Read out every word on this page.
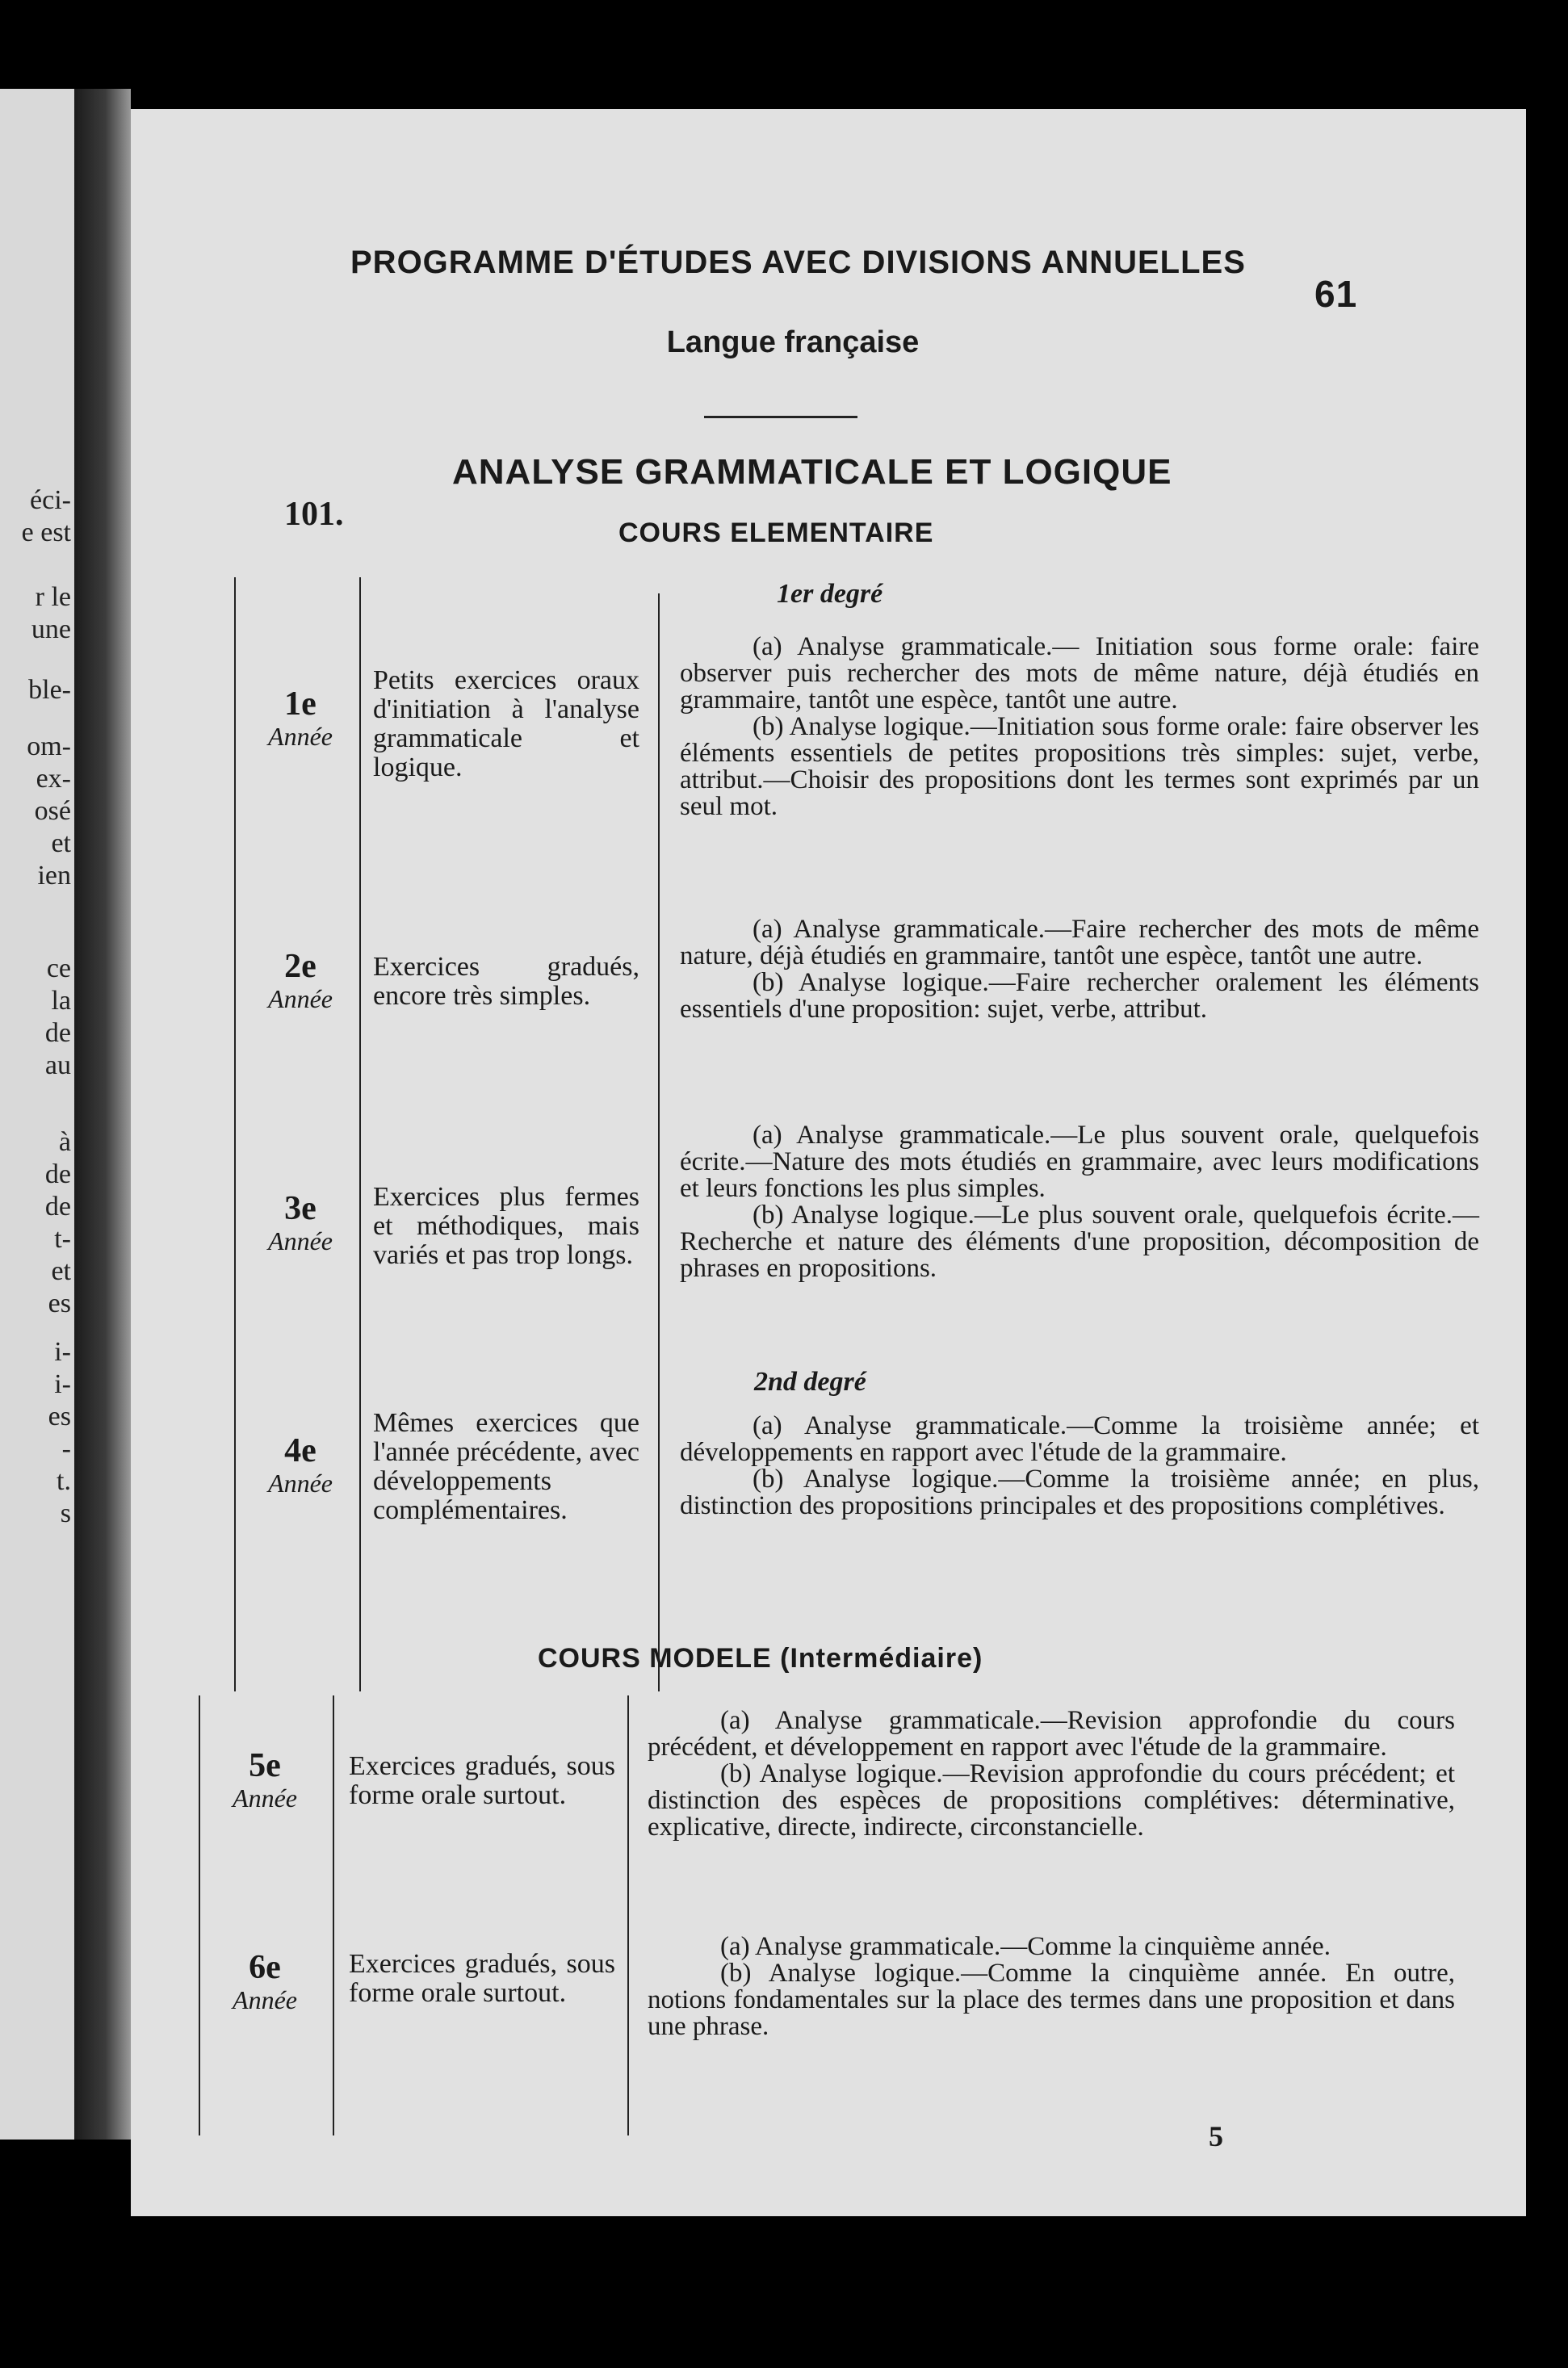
éci-
e est
r le
une
ble-
om-
ex-
osé
et
ien
ce
la
de
au
à
de
de
t-
et
es
i-
i-
es
-
t.
s
PROGRAMME D'ÉTUDES AVEC DIVISIONS ANNUELLES
61
Langue française
ANALYSE GRAMMATICALE ET LOGIQUE
101.	COURS ELEMENTAIRE
1er degré
1e
Année
Petits exercices oraux d'initiation à l'analyse grammaticale et logique.

(a) Analyse grammaticale.— Initiation sous forme orale: faire observer puis rechercher des mots de même nature, déjà étudiés en grammaire, tantôt une espèce, tantôt une autre.

(b) Analyse logique.—Initiation sous forme orale: faire observer les éléments essentiels de petites propositions très simples: sujet, verbe, attribut.—Choisir des propositions dont les termes sont exprimés par un seul mot.

2e
Année
Exercices gradués, encore très simples.

(a) Analyse grammaticale.—Faire rechercher des mots de même nature, déjà étudiés en grammaire, tantôt une espèce, tantôt une autre.

(b) Analyse logique.—Faire rechercher oralement les éléments essentiels d'une proposition: sujet, verbe, attribut.

3e
Année
Exercices plus fermes et méthodiques, mais variés et pas trop longs.

(a) Analyse grammaticale.—Le plus souvent orale, quelquefois écrite.—Nature des mots étudiés en grammaire, avec leurs modifications et leurs fonctions les plus simples.

(b) Analyse logique.—Le plus souvent orale, quelquefois écrite.—Recherche et nature des éléments d'une proposition, décomposition de phrases en propositions.

2nd degré
4e
Année
Mêmes exercices que l'année précédente, avec développements complémentaires.

(a) Analyse grammaticale.—Comme la troisième année; et développements en rapport avec l'étude de la grammaire.

(b) Analyse logique.—Comme la troisième année; en plus, distinction des propositions principales et des propositions complétives.

COURS MODELE (Intermédiaire)
5e
Année
Exercices gradués, sous forme orale surtout.

(a) Analyse grammaticale.—Revision approfondie du cours précédent, et développement en rapport avec l'étude de la grammaire.

(b) Analyse logique.—Revision approfondie du cours précédent; et distinction des espèces de propositions complétives: déterminative, explicative, directe, indirecte, circonstancielle.

6e
Année
Exercices gradués, sous forme orale surtout.

(a) Analyse grammaticale.—Comme la cinquième année.

(b) Analyse logique.—Comme la cinquième année. En outre, notions fondamentales sur la place des termes dans une proposition et dans une phrase.

5
